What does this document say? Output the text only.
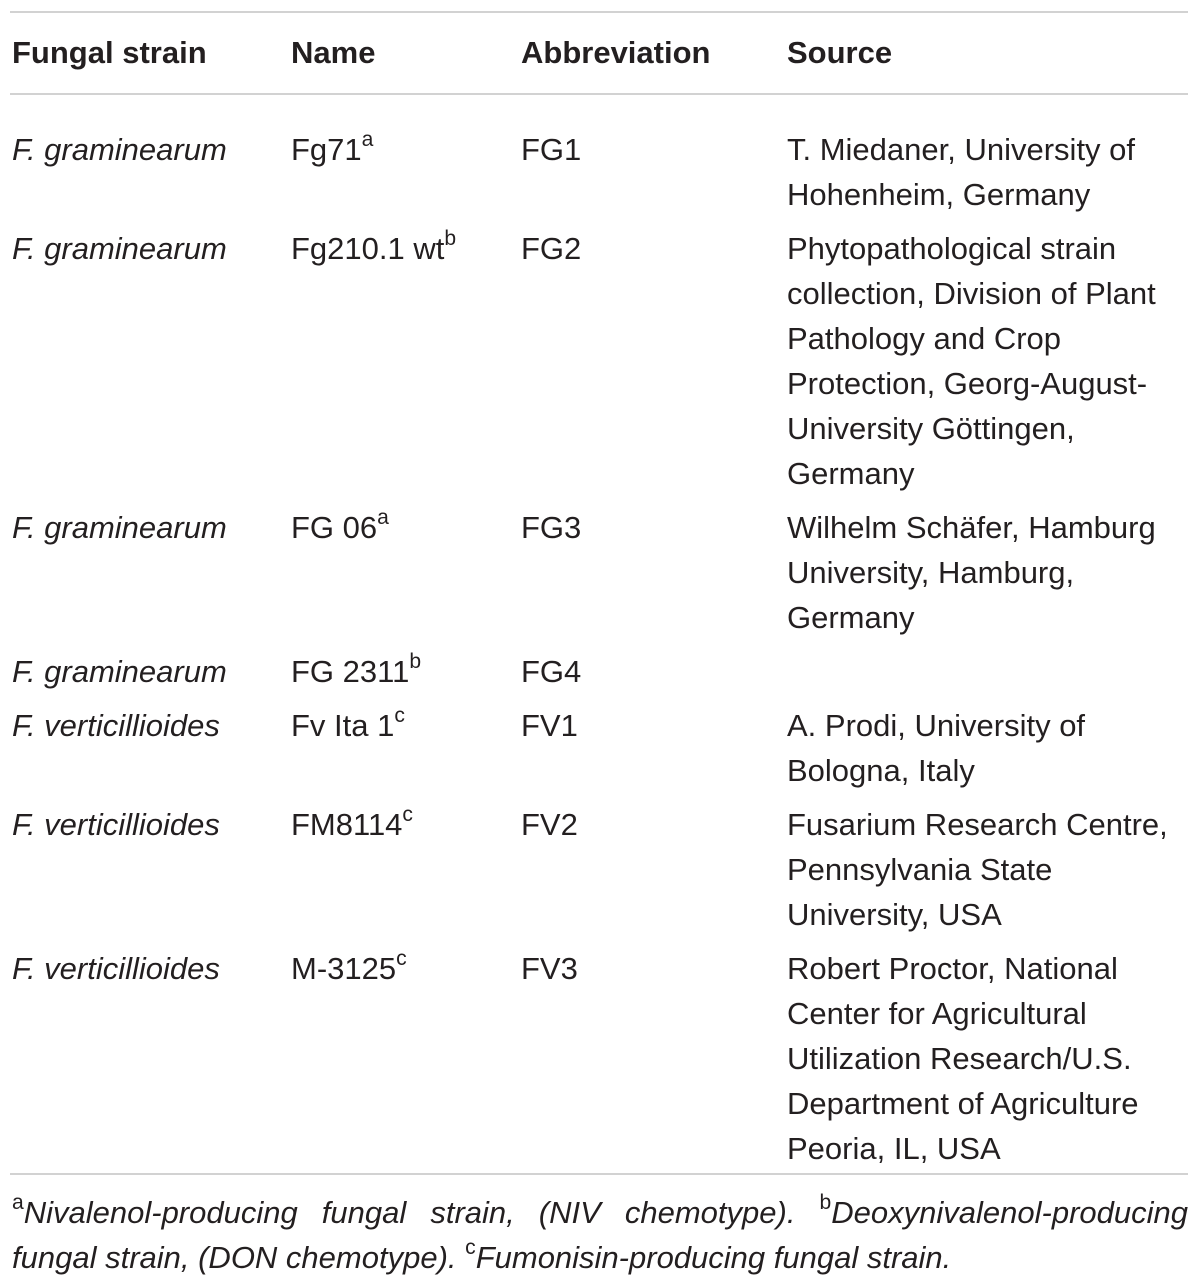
Fungal strain	Name	Abbreviation	Source
F. graminearum	Fg71$^a$	FG1	T. Miedaner, University of Hohenheim, Germany
F. graminearum	Fg210.1 $wt^b$	FG2	Phytopathological strain collection, Division of Plant Pathology and Crop Protection, Georg-August-University Göttingen, Germany
F. graminearum	FG 06$^a$	FG3	Wilhelm Schäfer, Hamburg University, Hamburg, Germany
F. graminearum	FG 2311$^b$	FG4	
F. verticillioides	Fv Ita 1$^c$	FV1	A. Prodi, University of Bologna, Italy
F. verticillioides	FM8114$^c$	FV2	Fusarium Research Centre, Pennsylvania State University, USA
F. verticillioides	M-3125$^c$	FV3	Robert Proctor, National Center for Agricultural Utilization Research/U.S. Department of Agriculture Peoria, IL, USA
$^a$Nivalenol-producing fungal strain, (NIV chemotype). $^b$Deoxynivalenol-producing fungal strain, (DON chemotype). $^c$Fumonisin-producing fungal strain.
